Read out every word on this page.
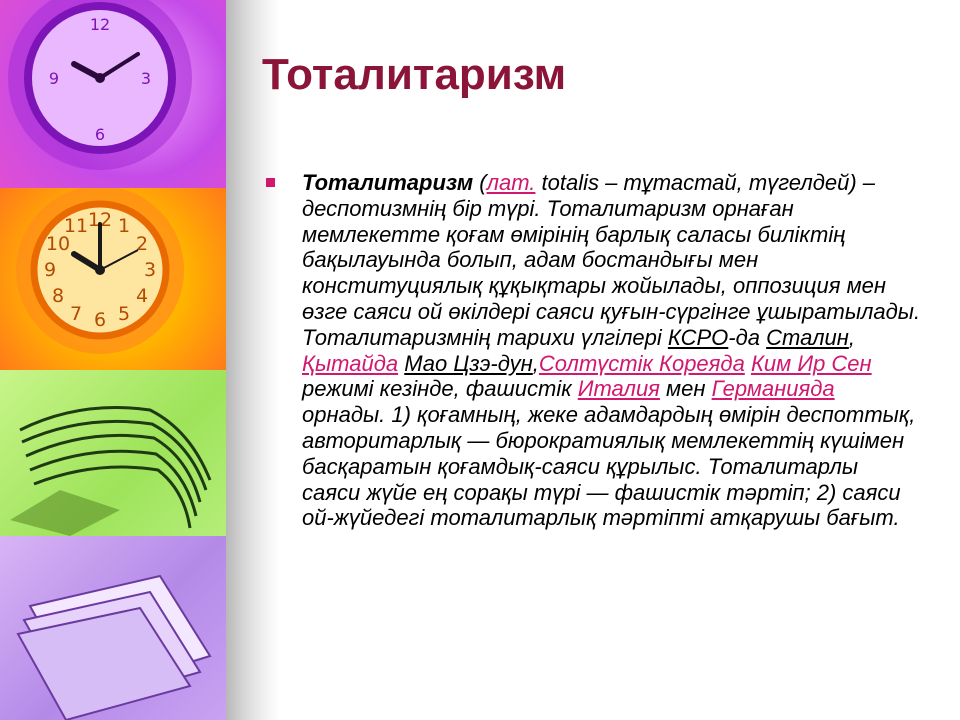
12
3
6
9
12 1
2
3
4
5
6
7
8
9
10
11
Тоталитаризм

Тоталитаризм (лат. totalis – тұтастай, түгелдей) – деспотизмнің бір түрі. Тоталитаризм орнаған мемлекетте қоғам өмірінің барлық саласы биліктің бақылауында болып, адам бостандығы мен конституциялық құқықтары жойылады, оппозиция мен өзге саяси ой өкілдері саяси қуғын-сүргінге ұшыратылады. Тоталитаризмнің тарихи үлгілері КСРО-да Сталин, Қытайда Мао Цзэ-дун,Солтүстік Кореяда Ким Ир Сен режимі кезінде, фашистік Италия мен Германияда орнады. 1) қоғамның, жеке адамдардың өмірін деспоттық, авторитарлық — бюрократиялық мемлекеттің күшімен басқаратын қоғамдық-саяси құрылыс. Тоталитарлы саяси жүйе ең сорақы түрі — фашистік тәртіп; 2) саяси ой-жүйедегі тоталитарлық тәртіпті атқарушы бағыт.
